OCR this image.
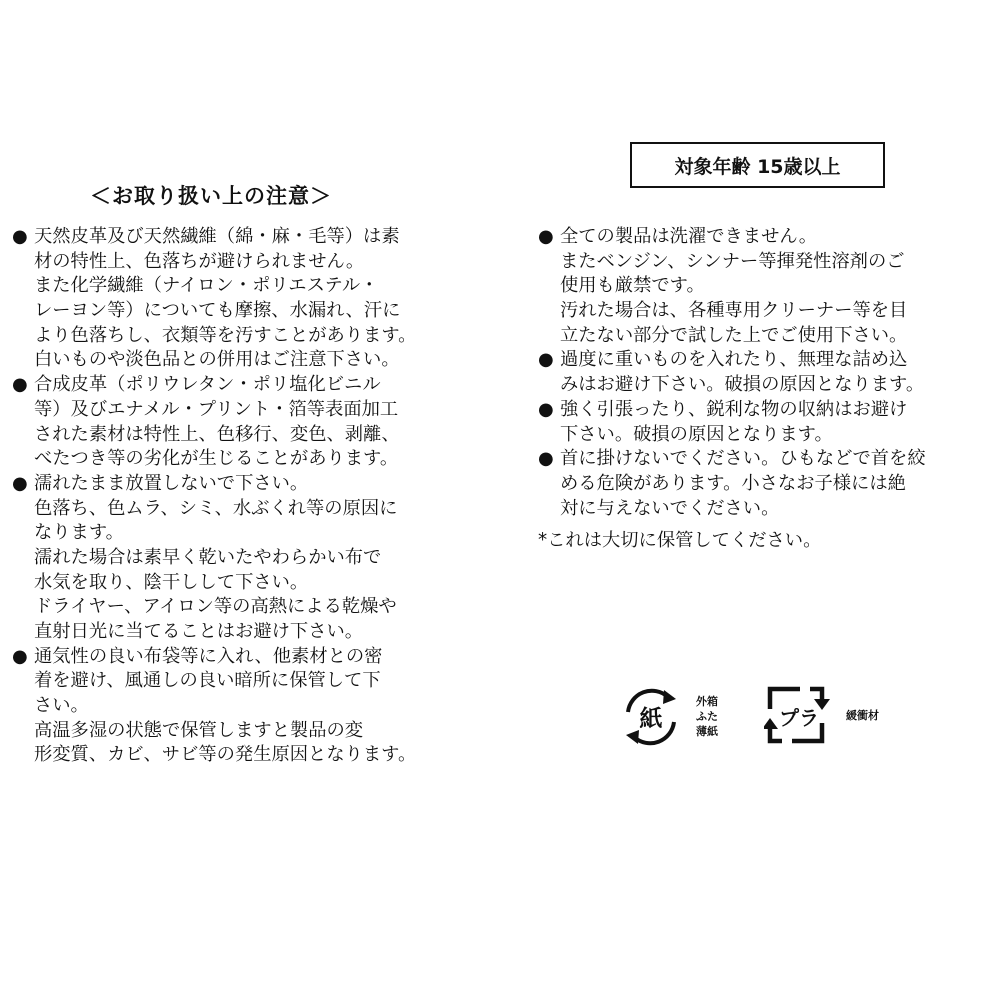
＜お取り扱い上の注意＞
対象年齢 15歳以上
● 天然皮革及び天然繊維（綿・麻・毛等）は素
材の特性上、色落ちが避けられません。
また化学繊維（ナイロン・ポリエステル・
レーヨン等）についても摩擦、水漏れ、汗に
より色落ちし、衣類等を汚すことがあります。
白いものや淡色品との併用はご注意下さい。
● 合成皮革（ポリウレタン・ポリ塩化ビニル
等）及びエナメル・プリント・箔等表面加工
された素材は特性上、色移行、変色、剥離、
べたつき等の劣化が生じることがあります。
● 濡れたまま放置しないで下さい。
色落ち、色ムラ、シミ、水ぶくれ等の原因に
なります。
濡れた場合は素早く乾いたやわらかい布で
水気を取り、陰干しして下さい。
ドライヤー、アイロン等の高熱による乾燥や
直射日光に当てることはお避け下さい。
● 通気性の良い布袋等に入れ、他素材との密
着を避け、風通しの良い暗所に保管して下
さい。
高温多湿の状態で保管しますと製品の変
形変質、カビ、サビ等の発生原因となります。
● 全ての製品は洗濯できません。
またベンジン、シンナー等揮発性溶剤のご
使用も厳禁です。
汚れた場合は、各種専用クリーナー等を目
立たない部分で試した上でご使用下さい。
● 過度に重いものを入れたり、無理な詰め込
みはお避け下さい。破損の原因となります。
● 強く引張ったり、鋭利な物の収納はお避け
下さい。破損の原因となります。
● 首に掛けないでください。ひもなどで首を絞
める危険があります。小さなお子様には絶
対に与えないでください。
*これは大切に保管してください。
紙
外箱
ふた
薄紙
プラ 緩衝材
